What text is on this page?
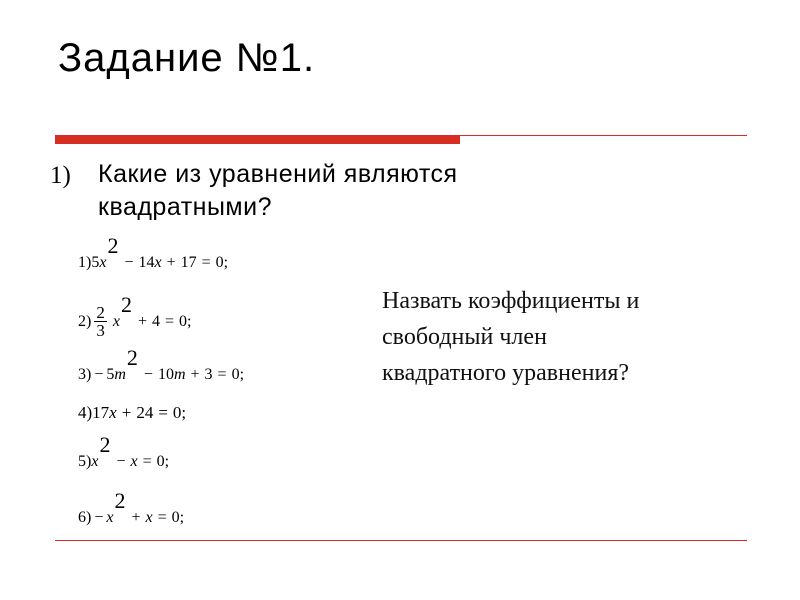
Задание №1.
1) Какие из уравнений являются
квадратными?
1) 5 x
2
− 14 x + 17 = 0 ;
$2) \frac{2}{3}$ x
2
+ 4 = 0 ;
3) − 5 m
2
− 10 m + 3 = 0 ;
4) 17 x + 24 = 0 ;
5) x
2
− x = 0 ;
6) − x
2
+ x = 0 ;
Назвать коэффициенты и
свободный член
квадратного уравнения?
